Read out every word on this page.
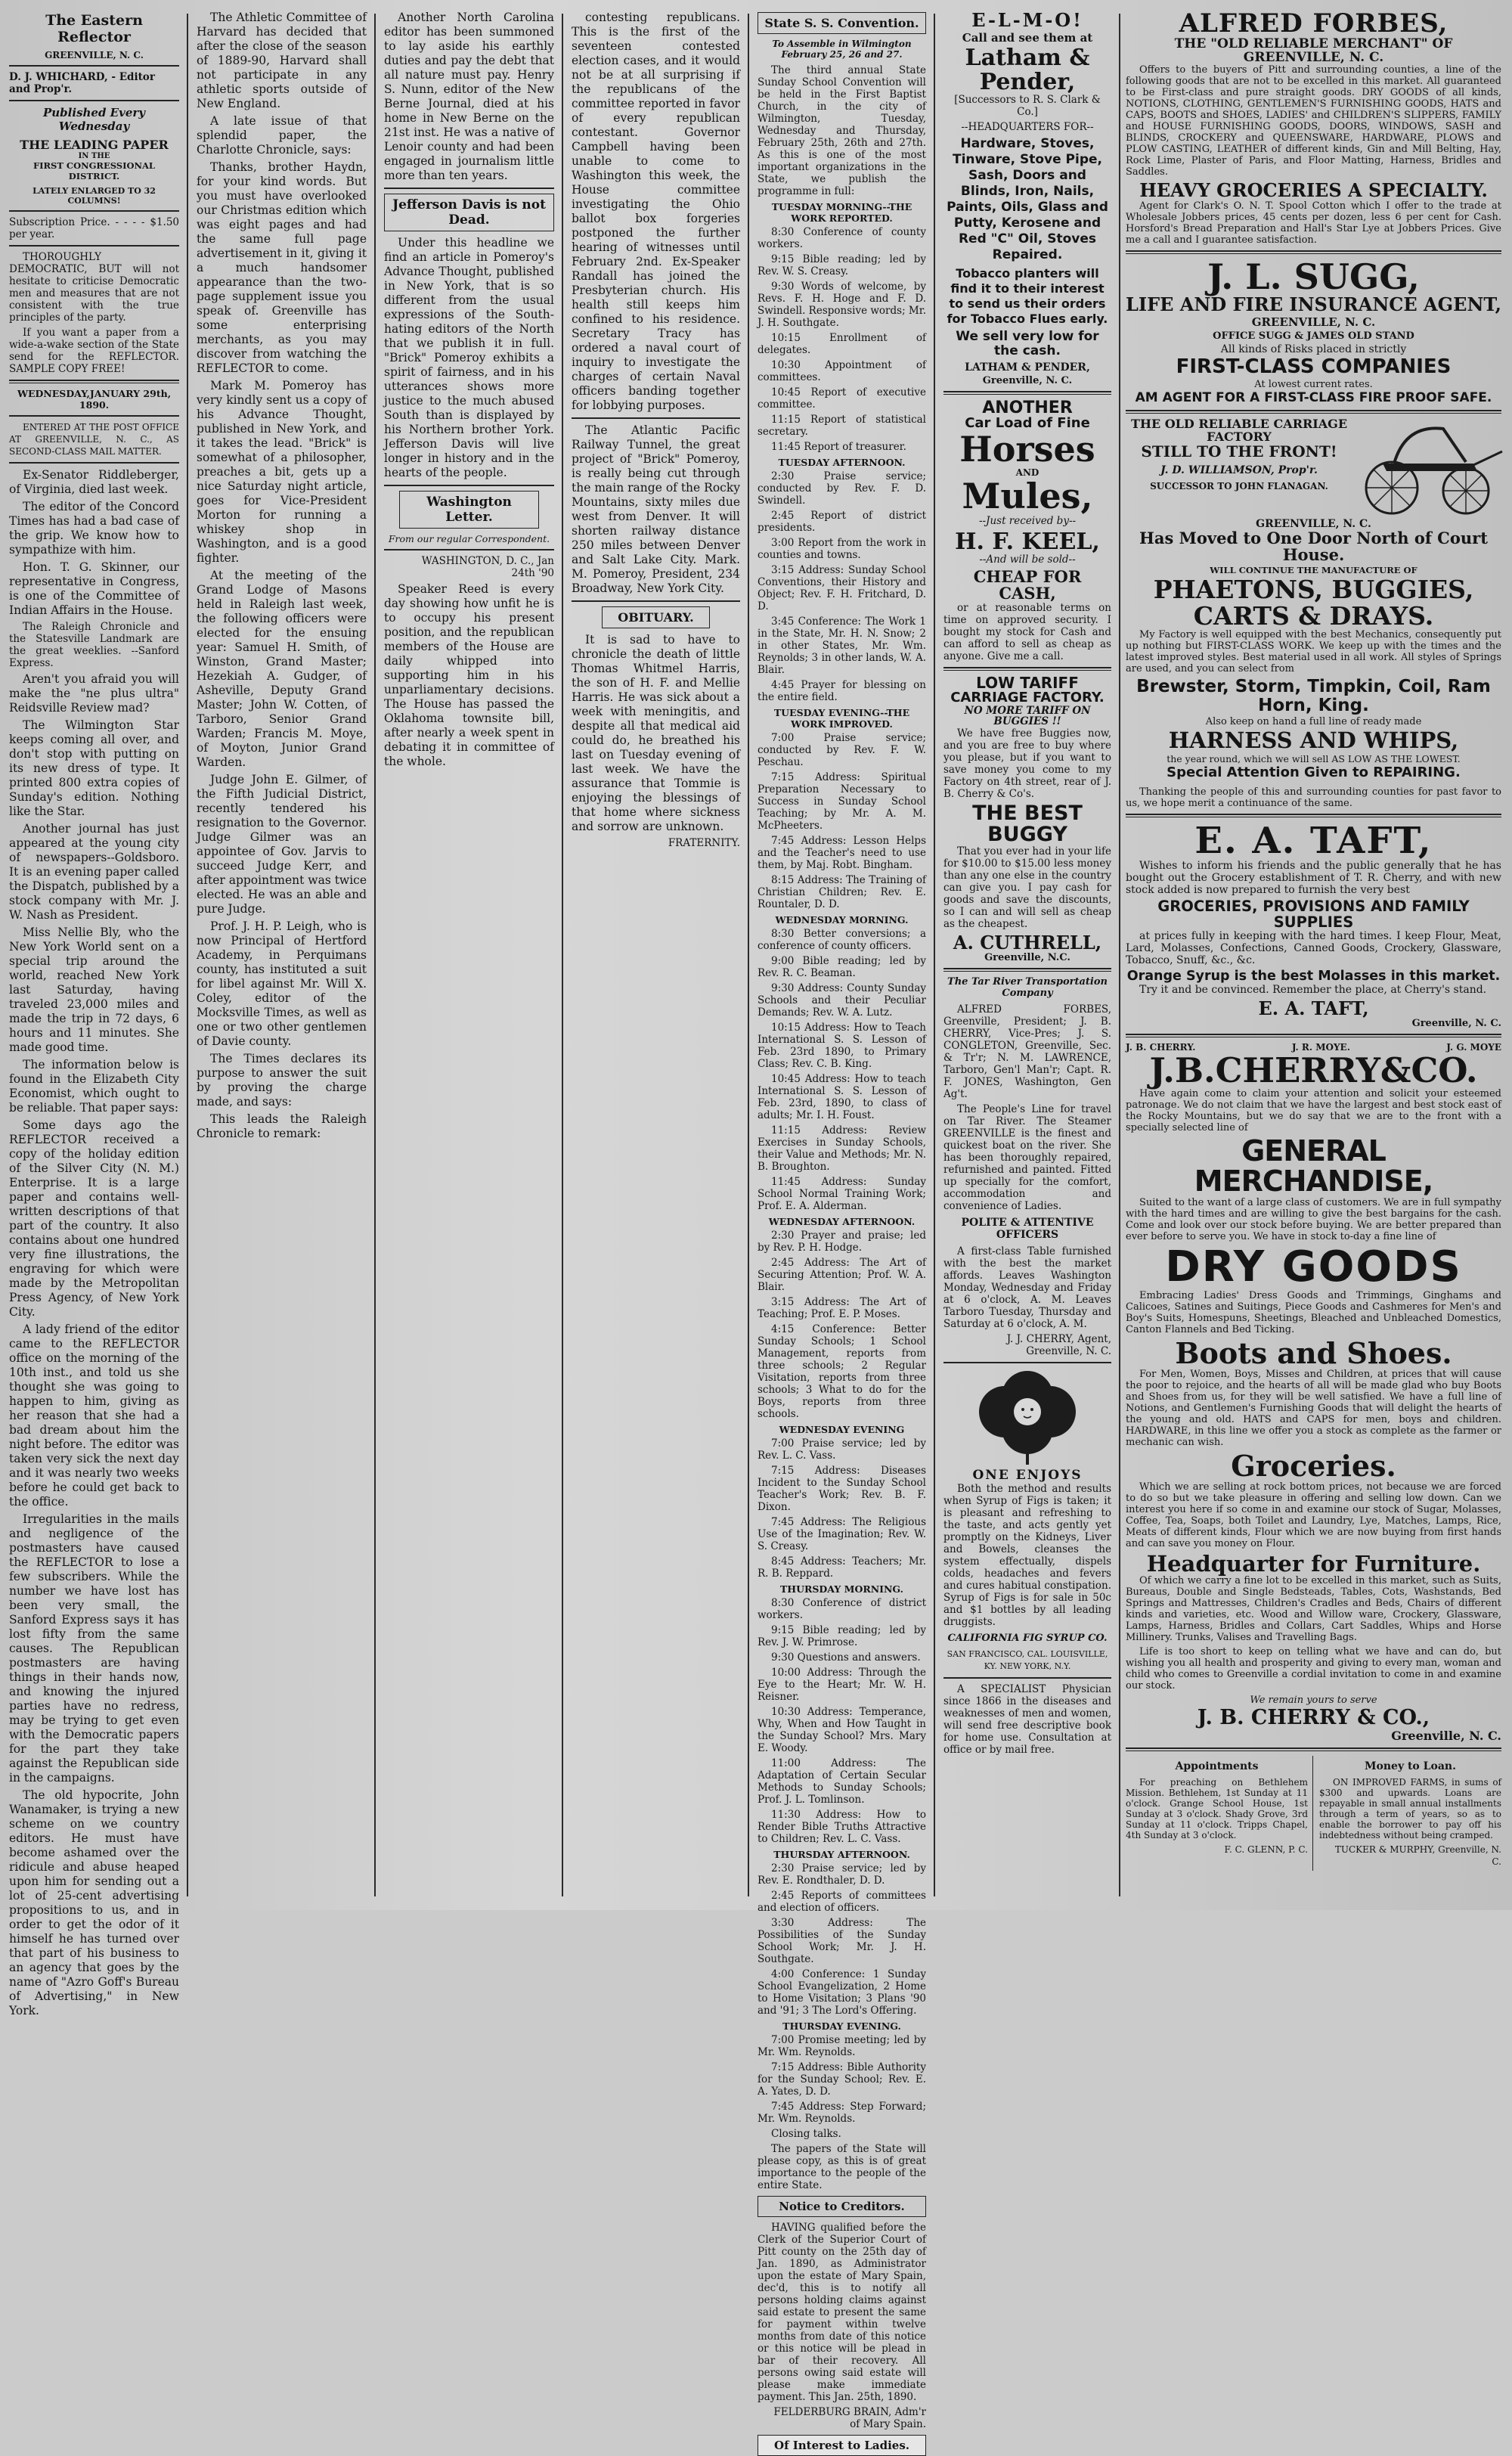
The Eastern Reflector
GREENVILLE, N. C.
D. J. WHICHARD, - Editor and Prop'r.
Published Every Wednesday
THE LEADING PAPER
IN THE
FIRST CONGRESSIONAL DISTRICT.
LATELY ENLARGED TO 32 COLUMNS!

Subscription Price. - - - - $1.50 per year.

THOROUGHLY DEMOCRATIC, BUT will not hesitate to criticise Democratic men and measures that are not consistent with the true principles of the party.

If you want a paper from a wide-a-wake section of the State send for the REFLECTOR. SAMPLE COPY FREE!

WEDNESDAY,JANUARY 29th, 1890.

ENTERED AT THE POST OFFICE AT GREENVILLE, N. C., AS SECOND-CLASS MAIL MATTER.

Ex-Senator Riddleberger, of Virginia, died last week.

The editor of the Concord Times has had a bad case of the grip. We know how to sympathize with him.

Hon. T. G. Skinner, our representative in Congress, is one of the Committee of Indian Affairs in the House.

The Raleigh Chronicle and the Statesville Landmark are the great weeklies. --Sanford Express.

Aren't you afraid you will make the "ne plus ultra" Reidsville Review mad?

The Wilmington Star keeps coming all over, and don't stop with putting on its new dress of type. It printed 800 extra copies of Sunday's edition. Nothing like the Star.

Another journal has just appeared at the young city of newspapers--Goldsboro. It is an evening paper called the Dispatch, published by a stock company with Mr. J. W. Nash as President.

Miss Nellie Bly, who the New York World sent on a special trip around the world, reached New York last Saturday, having traveled 23,000 miles and made the trip in 72 days, 6 hours and 11 minutes. She made good time.

The information below is found in the Elizabeth City Economist, which ought to be reliable. That paper says:

Some days ago the REFLECTOR received a copy of the holiday edition of the Silver City (N. M.) Enterprise. It is a large paper and contains well-written descriptions of that part of the country. It also contains about one hundred very fine illustrations, the engraving for which were made by the Metropolitan Press Agency, of New York City.

A lady friend of the editor came to the REFLECTOR office on the morning of the 10th inst., and told us she thought she was going to happen to him, giving as her reason that she had a bad dream about him the night before. The editor was taken very sick the next day and it was nearly two weeks before he could get back to the office.

Irregularities in the mails and negligence of the postmasters have caused the REFLECTOR to lose a few subscribers. While the number we have lost has been very small, the Sanford Express says it has lost fifty from the same causes. The Republican postmasters are having things in their hands now, and knowing the injured parties have no redress, may be trying to get even with the Democratic papers for the part they take against the Republican side in the campaigns.

The old hypocrite, John Wanamaker, is trying a new scheme on we country editors. He must have become ashamed over the ridicule and abuse heaped upon him for sending out a lot of 25-cent advertising propositions to us, and in order to get the odor of it himself he has turned over that part of his business to an agency that goes by the name of "Azro Goff's Bureau of Advertising," in New York.

The Athletic Committee of Harvard has decided that after the close of the season of 1889-90, Harvard shall not participate in any athletic sports outside of New England.

A late issue of that splendid paper, the Charlotte Chronicle, says:

Thanks, brother Haydn, for your kind words. But you must have overlooked our Christmas edition which was eight pages and had the same full page advertisement in it, giving it a much handsomer appearance than the two-page supplement issue you speak of. Greenville has some enterprising merchants, as you may discover from watching the REFLECTOR to come.

Mark M. Pomeroy has very kindly sent us a copy of his Advance Thought, published in New York, and it takes the lead. "Brick" is somewhat of a philosopher, preaches a bit, gets up a nice Saturday night article, goes for Vice-President Morton for running a whiskey shop in Washington, and is a good fighter.

At the meeting of the Grand Lodge of Masons held in Raleigh last week, the following officers were elected for the ensuing year: Samuel H. Smith, of Winston, Grand Master; Hezekiah A. Gudger, of Asheville, Deputy Grand Master; John W. Cotten, of Tarboro, Senior Grand Warden; Francis M. Moye, of Moyton, Junior Grand Warden.

Judge John E. Gilmer, of the Fifth Judicial District, recently tendered his resignation to the Governor. Judge Gilmer was an appointee of Gov. Jarvis to succeed Judge Kerr, and after appointment was twice elected. He was an able and pure Judge.

Prof. J. H. P. Leigh, who is now Principal of Hertford Academy, in Perquimans county, has instituted a suit for libel against Mr. Will X. Coley, editor of the Mocksville Times, as well as one or two other gentlemen of Davie county.

The Times declares its purpose to answer the suit by proving the charge made, and says:

This leads the Raleigh Chronicle to remark:

Another North Carolina editor has been summoned to lay aside his earthly duties and pay the debt that all nature must pay. Henry S. Nunn, editor of the New Berne Journal, died at his home in New Berne on the 21st inst. He was a native of Lenoir county and had been engaged in journalism little more than ten years.

Jefferson Davis is not Dead.

Under this headline we find an article in Pomeroy's Advance Thought, published in New York, that is so different from the usual expressions of the South-hating editors of the North that we publish it in full. "Brick" Pomeroy exhibits a spirit of fairness, and in his utterances shows more justice to the much abused South than is displayed by his Northern brother York. Jefferson Davis will live longer in history and in the hearts of the people.

Washington Letter.
From our regular Correspondent.

WASHINGTON, D. C., Jan 24th '90

Speaker Reed is every day showing how unfit he is to occupy his present position, and the republican members of the House are daily whipped into supporting him in his unparliamentary decisions. The House has passed the Oklahoma townsite bill, after nearly a week spent in debating it in committee of the whole.

contesting republicans. This is the first of the seventeen contested election cases, and it would not be at all surprising if the republicans of the committee reported in favor of every republican contestant. Governor Campbell having been unable to come to Washington this week, the House committee investigating the Ohio ballot box forgeries postponed the further hearing of witnesses until February 2nd. Ex-Speaker Randall has joined the Presbyterian church. His health still keeps him confined to his residence. Secretary Tracy has ordered a naval court of inquiry to investigate the charges of certain Naval officers banding together for lobbying purposes.

The Atlantic Pacific Railway Tunnel, the great project of "Brick" Pomeroy, is really being cut through the main range of the Rocky Mountains, sixty miles due west from Denver. It will shorten railway distance 250 miles between Denver and Salt Lake City. Mark. M. Pomeroy, President, 234 Broadway, New York City.

OBITUARY.

It is sad to have to chronicle the death of little Thomas Whitmel Harris, the son of H. F. and Mellie Harris. He was sick about a week with meningitis, and despite all that medical aid could do, he breathed his last on Tuesday evening of last week. We have the assurance that Tommie is enjoying the blessings of that home where sickness and sorrow are unknown.

FRATERNITY.

State S. S. Convention.
To Assemble in Wilmington February 25, 26 and 27.

The third annual State Sunday School Convention will be held in the First Baptist Church, in the city of Wilmington, Tuesday, Wednesday and Thursday, February 25th, 26th and 27th. As this is one of the most important organizations in the State, we publish the programme in full:

TUESDAY MORNING--THE WORK REPORTED.

8:30 Conference of county workers.

9:15 Bible reading; led by Rev. W. S. Creasy.

9:30 Words of welcome, by Revs. F. H. Hoge and F. D. Swindell. Responsive words; Mr. J. H. Southgate.

10:15 Enrollment of delegates.

10:30 Appointment of committees.

10:45 Report of executive committee.

11:15 Report of statistical secretary.

11:45 Report of treasurer.

TUESDAY AFTERNOON.

2:30 Praise service; conducted by Rev. F. D. Swindell.

2:45 Report of district presidents.

3:00 Report from the work in counties and towns.

3:15 Address: Sunday School Conventions, their History and Object; Rev. F. H. Fritchard, D. D.

3:45 Conference: The Work 1 in the State, Mr. H. N. Snow; 2 in other States, Mr. Wm. Reynolds; 3 in other lands, W. A. Blair.

4:45 Prayer for blessing on the entire field.

TUESDAY EVENING--THE WORK IMPROVED.

7:00 Praise service; conducted by Rev. F. W. Peschau.

7:15 Address: Spiritual Preparation Necessary to Success in Sunday School Teaching; by Mr. A. M. McPheeters.

7:45 Address: Lesson Helps and the Teacher's need to use them, by Maj. Robt. Bingham.

8:15 Address: The Training of Christian Children; Rev. E. Rountaler, D. D.

WEDNESDAY MORNING.

8:30 Better conversions; a conference of county officers.

9:00 Bible reading; led by Rev. R. C. Beaman.

9:30 Address: County Sunday Schools and their Peculiar Demands; Rev. W. A. Lutz.

10:15 Address: How to Teach International S. S. Lesson of Feb. 23rd 1890, to Primary Class; Rev. C. B. King.

10:45 Address: How to teach International S. S. Lesson of Feb. 23rd, 1890, to class of adults; Mr. I. H. Foust.

11:15 Address: Review Exercises in Sunday Schools, their Value and Methods; Mr. N. B. Broughton.

11:45 Address: Sunday School Normal Training Work; Prof. E. A. Alderman.

WEDNESDAY AFTERNOON.

2:30 Prayer and praise; led by Rev. P. H. Hodge.

2:45 Address: The Art of Securing Attention; Prof. W. A. Blair.

3:15 Address: The Art of Teaching; Prof. E. P. Moses.

4:15 Conference: Better Sunday Schools; 1 School Management, reports from three schools; 2 Regular Visitation, reports from three schools; 3 What to do for the Boys, reports from three schools.

WEDNESDAY EVENING

7:00 Praise service; led by Rev. L. C. Vass.

7:15 Address: Diseases Incident to the Sunday School Teacher's Work; Rev. B. F. Dixon.

7:45 Address: The Religious Use of the Imagination; Rev. W. S. Creasy.

8:45 Address: Teachers; Mr. R. B. Reppard.

THURSDAY MORNING.

8:30 Conference of district workers.

9:15 Bible reading; led by Rev. J. W. Primrose.

9:30 Questions and answers.

10:00 Address: Through the Eye to the Heart; Mr. W. H. Reisner.

10:30 Address: Temperance, Why, When and How Taught in the Sunday School? Mrs. Mary E. Woody.

11:00 Address: The Adaptation of Certain Secular Methods to Sunday Schools; Prof. J. L. Tomlinson.

11:30 Address: How to Render Bible Truths Attractive to Children; Rev. L. C. Vass.

THURSDAY AFTERNOON.

2:30 Praise service; led by Rev. E. Rondthaler, D. D.

2:45 Reports of committees and election of officers.

3:30 Address: The Possibilities of the Sunday School Work; Mr. J. H. Southgate.

4:00 Conference: 1 Sunday School Evangelization, 2 Home to Home Visitation; 3 Plans '90 and '91; 3 The Lord's Offering.

THURSDAY EVENING.

7:00 Promise meeting; led by Mr. Wm. Reynolds.

7:15 Address: Bible Authority for the Sunday School; Rev. E. A. Yates, D. D.

7:45 Address: Step Forward; Mr. Wm. Reynolds.

Closing talks.

The papers of the State will please copy, as this is of great importance to the people of the entire State.

Notice to Creditors.

HAVING qualified before the Clerk of the Superior Court of Pitt county on the 25th day of Jan. 1890, as Administrator upon the estate of Mary Spain, dec'd, this is to notify all persons holding claims against said estate to present the same for payment within twelve months from date of this notice or this notice will be plead in bar of their recovery. All persons owing said estate will please make immediate payment. This Jan. 25th, 1890.

FELDERBURG BRAIN, Adm'r of Mary Spain.

Of Interest to Ladies.
E-L-M-O!
Call and see them at
Latham & Pender,

[Successors to R. S. Clark & Co.]

--HEADQUARTERS FOR--

Hardware, Stoves, Tinware, Stove Pipe, Sash, Doors and Blinds, Iron, Nails, Paints, Oils, Glass and Putty, Kerosene and Red "C" Oil, Stoves Repaired.

Tobacco planters will find it to their interest to send us their orders for Tobacco Flues early.

We sell very low for the cash.

LATHAM & PENDER,
Greenville, N. C.
ANOTHER
Car Load of Fine
Horses
AND
Mules,

--Just received by--

H. F. KEEL,

--And will be sold--

CHEAP FOR CASH,

or at reasonable terms on time on approved security. I bought my stock for Cash and can afford to sell as cheap as anyone. Give me a call.

LOW TARIFF
CARRIAGE FACTORY.
NO MORE TARIFF ON BUGGIES !!

We have free Buggies now, and you are free to buy where you please, but if you want to save money you come to my Factory on 4th street, rear of J. B. Cherry & Co's.

THE BEST BUGGY

That you ever had in your life for $10.00 to $15.00 less money than any one else in the country can give you. I pay cash for goods and save the discounts, so I can and will sell as cheap as the cheapest.

A. CUTHRELL,
Greenville, N.C.
The Tar River Transportation Company

ALFRED FORBES, Greenville, President; J. B. CHERRY, Vice-Pres; J. S. CONGLETON, Greenville, Sec. & Tr'r; N. M. LAWRENCE, Tarboro, Gen'l Man'r; Capt. R. F. JONES, Washington, Gen Ag't.

The People's Line for travel on Tar River. The Steamer GREENVILLE is the finest and quickest boat on the river. She has been thoroughly repaired, refurnished and painted. Fitted up specially for the comfort, accommodation and convenience of Ladies.

POLITE & ATTENTIVE OFFICERS

A first-class Table furnished with the best the market affords. Leaves Washington Monday, Wednesday and Friday at 6 o'clock, A. M. Leaves Tarboro Tuesday, Thursday and Saturday at 6 o'clock, A. M.

J. J. CHERRY, Agent, Greenville, N. C.

ONE ENJOYS

Both the method and results when Syrup of Figs is taken; it is pleasant and refreshing to the taste, and acts gently yet promptly on the Kidneys, Liver and Bowels, cleanses the system effectually, dispels colds, headaches and fevers and cures habitual constipation. Syrup of Figs is for sale in 50c and $1 bottles by all leading druggists.

CALIFORNIA FIG SYRUP CO.

SAN FRANCISCO, CAL. LOUISVILLE, KY. NEW YORK, N.Y.

A SPECIALIST Physician since 1866 in the diseases and weaknesses of men and women, will send free descriptive book for home use. Consultation at office or by mail free.

ALFRED FORBES,
THE "OLD RELIABLE MERCHANT" OF GREENVILLE, N. C.

Offers to the buyers of Pitt and surrounding counties, a line of the following goods that are not to be excelled in this market. All guaranteed to be First-class and pure straight goods. DRY GOODS of all kinds, NOTIONS, CLOTHING, GENTLEMEN'S FURNISHING GOODS, HATS and CAPS, BOOTS and SHOES, LADIES' and CHILDREN'S SLIPPERS, FAMILY and HOUSE FURNISHING GOODS, DOORS, WINDOWS, SASH and BLINDS, CROCKERY and QUEENSWARE, HARDWARE, PLOWS and PLOW CASTING, LEATHER of different kinds, Gin and Mill Belting, Hay, Rock Lime, Plaster of Paris, and Floor Matting, Harness, Bridles and Saddles.

HEAVY GROCERIES A SPECIALTY.

Agent for Clark's O. N. T. Spool Cotton which I offer to the trade at Wholesale Jobbers prices, 45 cents per dozen, less 6 per cent for Cash. Horsford's Bread Preparation and Hall's Star Lye at Jobbers Prices. Give me a call and I guarantee satisfaction.

J. L. SUGG,
LIFE AND FIRE INSURANCE AGENT,
GREENVILLE, N. C.
OFFICE SUGG & JAMES OLD STAND
All kinds of Risks placed in strictly
FIRST-CLASS COMPANIES
At lowest current rates.
AM AGENT FOR A FIRST-CLASS FIRE PROOF SAFE.
THE OLD RELIABLE CARRIAGE FACTORY
STILL TO THE FRONT!
J. D. WILLIAMSON, Prop'r.
SUCCESSOR TO JOHN FLANAGAN.
GREENVILLE, N. C.
Has Moved to One Door North of Court House.
WILL CONTINUE THE MANUFACTURE OF
PHAETONS, BUGGIES, CARTS & DRAYS.

My Factory is well equipped with the best Mechanics, consequently put up nothing but FIRST-CLASS WORK. We keep up with the times and the latest improved styles. Best material used in all work. All styles of Springs are used, and you can select from

Brewster, Storm, Timpkin, Coil, Ram Horn, King.
Also keep on hand a full line of ready made
HARNESS AND WHIPS,
the year round, which we will sell AS LOW AS THE LOWEST.
Special Attention Given to REPAIRING.

Thanking the people of this and surrounding counties for past favor to us, we hope merit a continuance of the same.

E. A. TAFT,

Wishes to inform his friends and the public generally that he has bought out the Grocery establishment of T. R. Cherry, and with new stock added is now prepared to furnish the very best

GROCERIES, PROVISIONS AND FAMILY SUPPLIES

at prices fully in keeping with the hard times. I keep Flour, Meat, Lard, Molasses, Confections, Canned Goods, Crockery, Glassware, Tobacco, Snuff, &c., &c.

Orange Syrup is the best Molasses in this market.

Try it and be convinced. Remember the place, at Cherry's stand.

E. A. TAFT,
Greenville, N. C.
J. B. CHERRY.	J. R. MOYE.	J. G. MOYE
J.B.CHERRY&CO.

Have again come to claim your attention and solicit your esteemed patronage. We do not claim that we have the largest and best stock east of the Rocky Mountains, but we do say that we are to the front with a specially selected line of

GENERAL MERCHANDISE,

Suited to the want of a large class of customers. We are in full sympathy with the hard times and are willing to give the best bargains for the cash. Come and look over our stock before buying. We are better prepared than ever before to serve you. We have in stock to-day a fine line of

DRY GOODS

Embracing Ladies' Dress Goods and Trimmings, Ginghams and Calicoes, Satines and Suitings, Piece Goods and Cashmeres for Men's and Boy's Suits, Homespuns, Sheetings, Bleached and Unbleached Domestics, Canton Flannels and Bed Ticking.

Boots and Shoes.

For Men, Women, Boys, Misses and Children, at prices that will cause the poor to rejoice, and the hearts of all will be made glad who buy Boots and Shoes from us, for they will be well satisfied. We have a full line of Notions, and Gentlemen's Furnishing Goods that will delight the hearts of the young and old. HATS and CAPS for men, boys and children. HARDWARE, in this line we offer you a stock as complete as the farmer or mechanic can wish.

Groceries.

Which we are selling at rock bottom prices, not because we are forced to do so but we take pleasure in offering and selling low down. Can we interest you here if so come in and examine our stock of Sugar, Molasses, Coffee, Tea, Soaps, both Toilet and Laundry, Lye, Matches, Lamps, Rice, Meats of different kinds, Flour which we are now buying from first hands and can save you money on Flour.

Headquarter for Furniture.

Of which we carry a fine lot to be excelled in this market, such as Suits, Bureaus, Double and Single Bedsteads, Tables, Cots, Washstands, Bed Springs and Mattresses, Children's Cradles and Beds, Chairs of different kinds and varieties, etc. Wood and Willow ware, Crockery, Glassware, Lamps, Harness, Bridles and Collars, Cart Saddles, Whips and Horse Millinery. Trunks, Valises and Travelling Bags.

Life is too short to keep on telling what we have and can do, but wishing you all health and prosperity and giving to every man, woman and child who comes to Greenville a cordial invitation to come in and examine our stock.

We remain yours to serve
J. B. CHERRY & CO.,
Greenville, N. C.
Appointments

For preaching on Bethlehem Mission. Bethlehem, 1st Sunday at 11 o'clock. Grange School House, 1st Sunday at 3 o'clock. Shady Grove, 3rd Sunday at 11 o'clock. Tripps Chapel, 4th Sunday at 3 o'clock.

F. C. GLENN, P. C.

Money to Loan.

ON IMPROVED FARMS, in sums of $300 and upwards. Loans are repayable in small annual installments through a term of years, so as to enable the borrower to pay off his indebtedness without being cramped.

TUCKER & MURPHY, Greenville, N. C.
